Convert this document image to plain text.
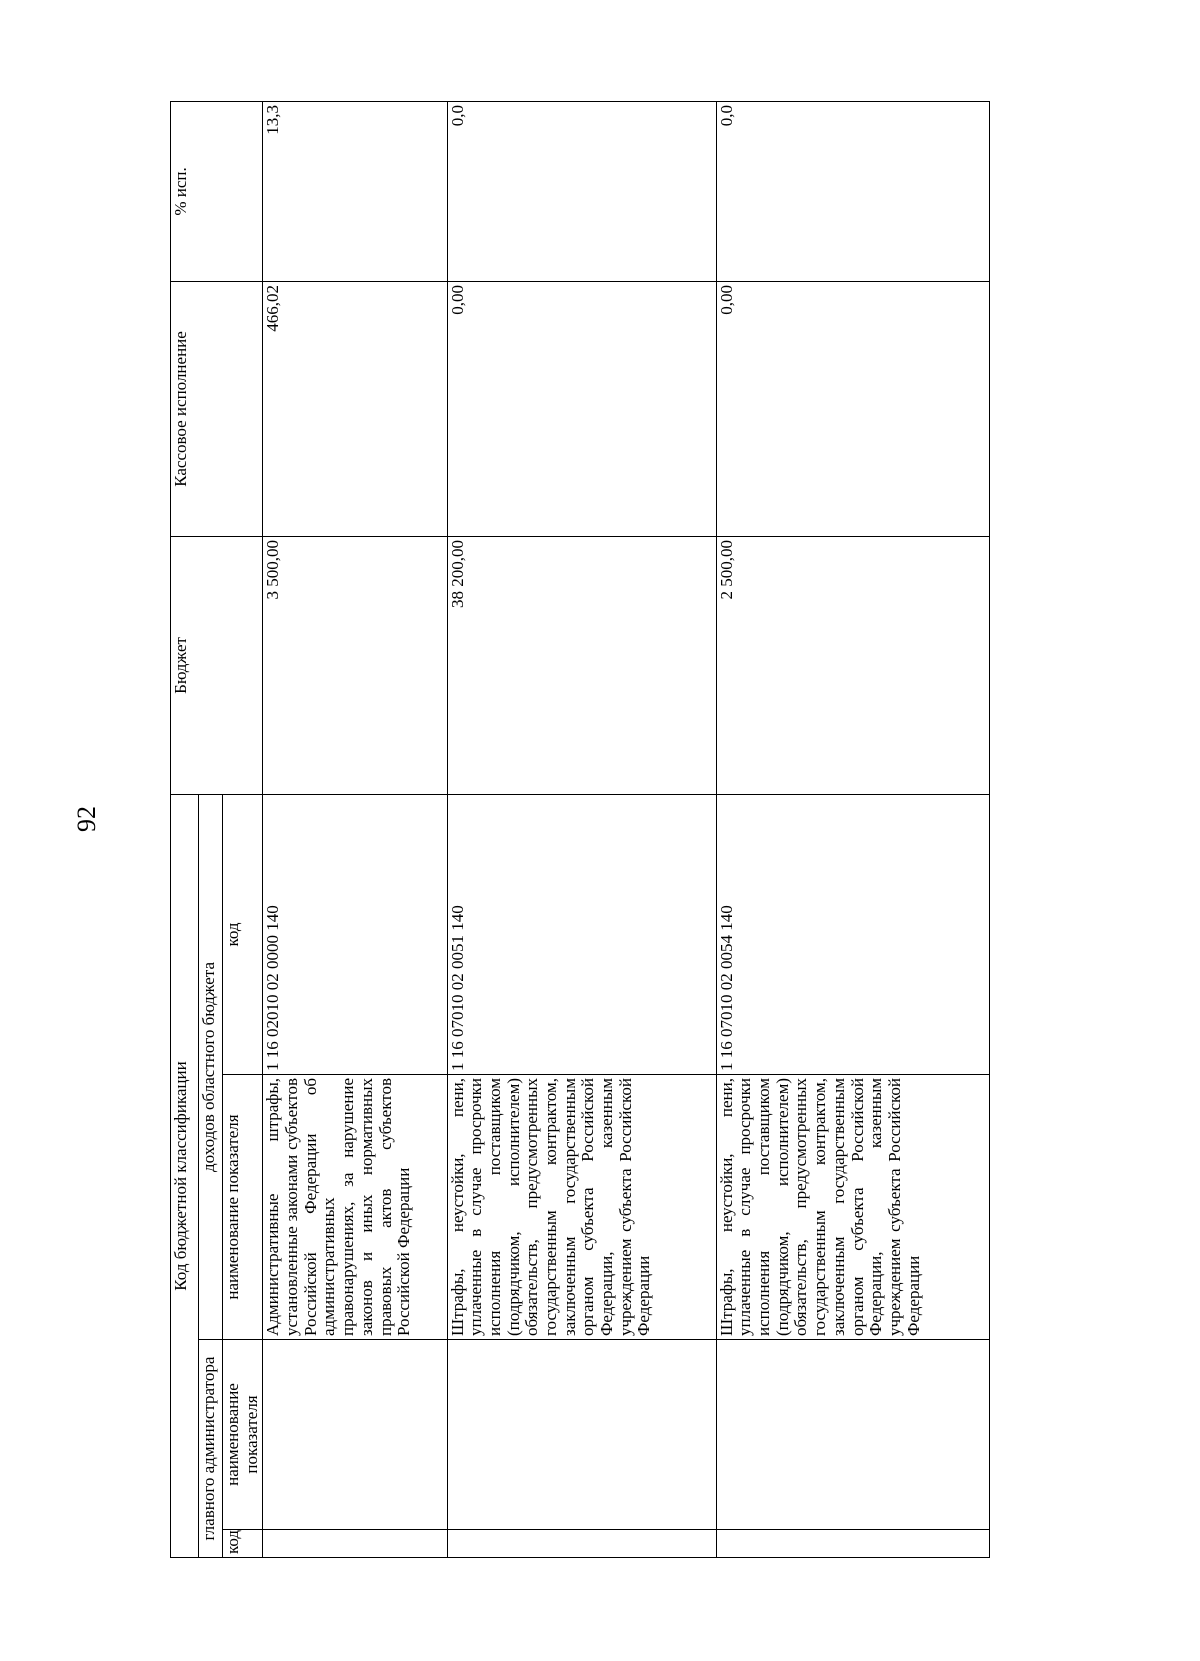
92
Код бюджетной классификации				Бюджет	Кассовое исполнение	% исп.
главного администратора		доходов областного бюджета				
код	наименование показателя	наименование показателя	код			
		Административные штрафы, установленные законами субъектов Российской Федерации об административных правонарушениях, за нарушение законов и иных нормативных правовых актов субъектов Российской Федерации	1 16 02010 02 0000 140	3 500,00	466,02	13,3
		Штрафы, неустойки, пени, уплаченные в случае просрочки исполнения поставщиком (подрядчиком, исполнителем) обязательств, предусмотренных государственным контрактом, заключенным государственным органом субъекта Российской Федерации, казенным учреждением субъекта Российской Федерации	1 16 07010 02 0051 140	38 200,00	0,00	0,0
		Штрафы, неустойки, пени, уплаченные в случае просрочки исполнения поставщиком (подрядчиком, исполнителем) обязательств, предусмотренных государственным контрактом, заключенным государственным органом субъекта Российской Федерации, казенным учреждением субъекта Российской Федерации	1 16 07010 02 0054 140	2 500,00	0,00	0,0
